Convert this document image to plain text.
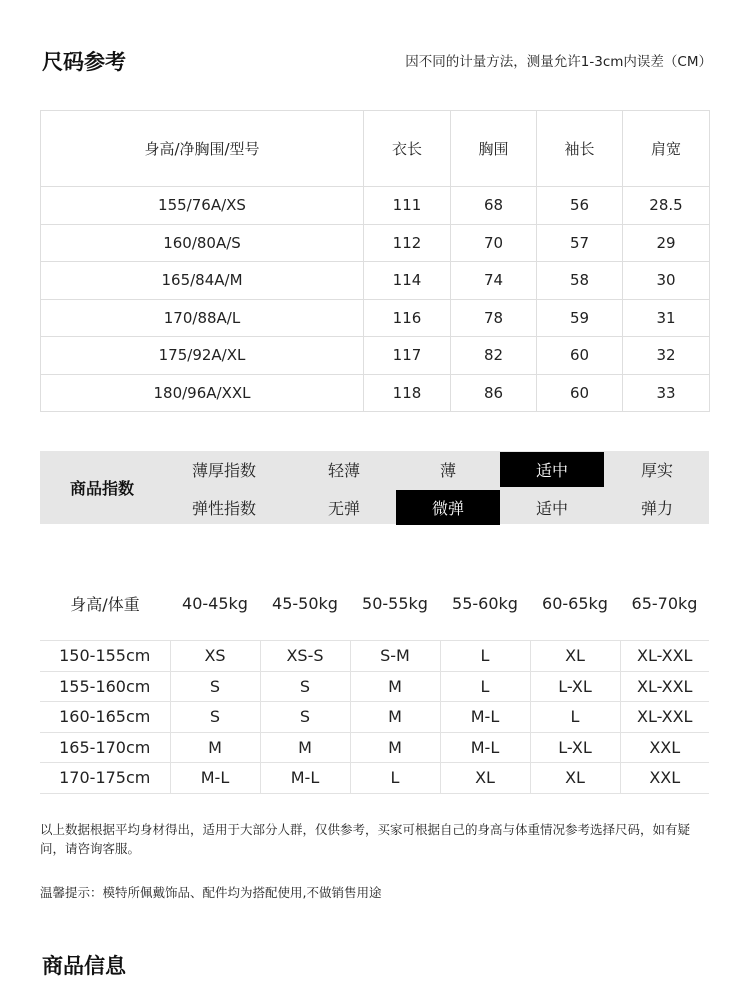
尺码参考	因不同的计量方法，测量允许1-3cm内误差（CM）
身高/净胸围/型号	衣长	胸围	袖长	肩宽
155/76A/XS	111	68	56	28.5
160/80A/S	112	70	57	29
165/84A/M	114	74	58	30
170/88A/L	116	78	59	31
175/92A/XL	117	82	60	32
180/96A/XXL	118	86	60	33
商品指数
薄厚指数	轻薄	薄	适中	厚实
弹性指数	无弹	微弹	适中	弹力
身高/体重	40-45kg	45-50kg	50-55kg	55-60kg	60-65kg	65-70kg
150-155cm	XS	XS-S	S-M	L	XL	XL-XXL
155-160cm	S	S	M	L	L-XL	XL-XXL
160-165cm	S	S	M	M-L	L	XL-XXL
165-170cm	M	M	M	M-L	L-XL	XXL
170-175cm	M-L	M-L	L	XL	XL	XXL
以上数据根据平均身材得出，适用于大部分人群，仅供参考，买家可根据自己的身高与体重情况参考选择尺码，如有疑问，请咨询客服。
温馨提示：模特所佩戴饰品、配件均为搭配使用,不做销售用途
商品信息
